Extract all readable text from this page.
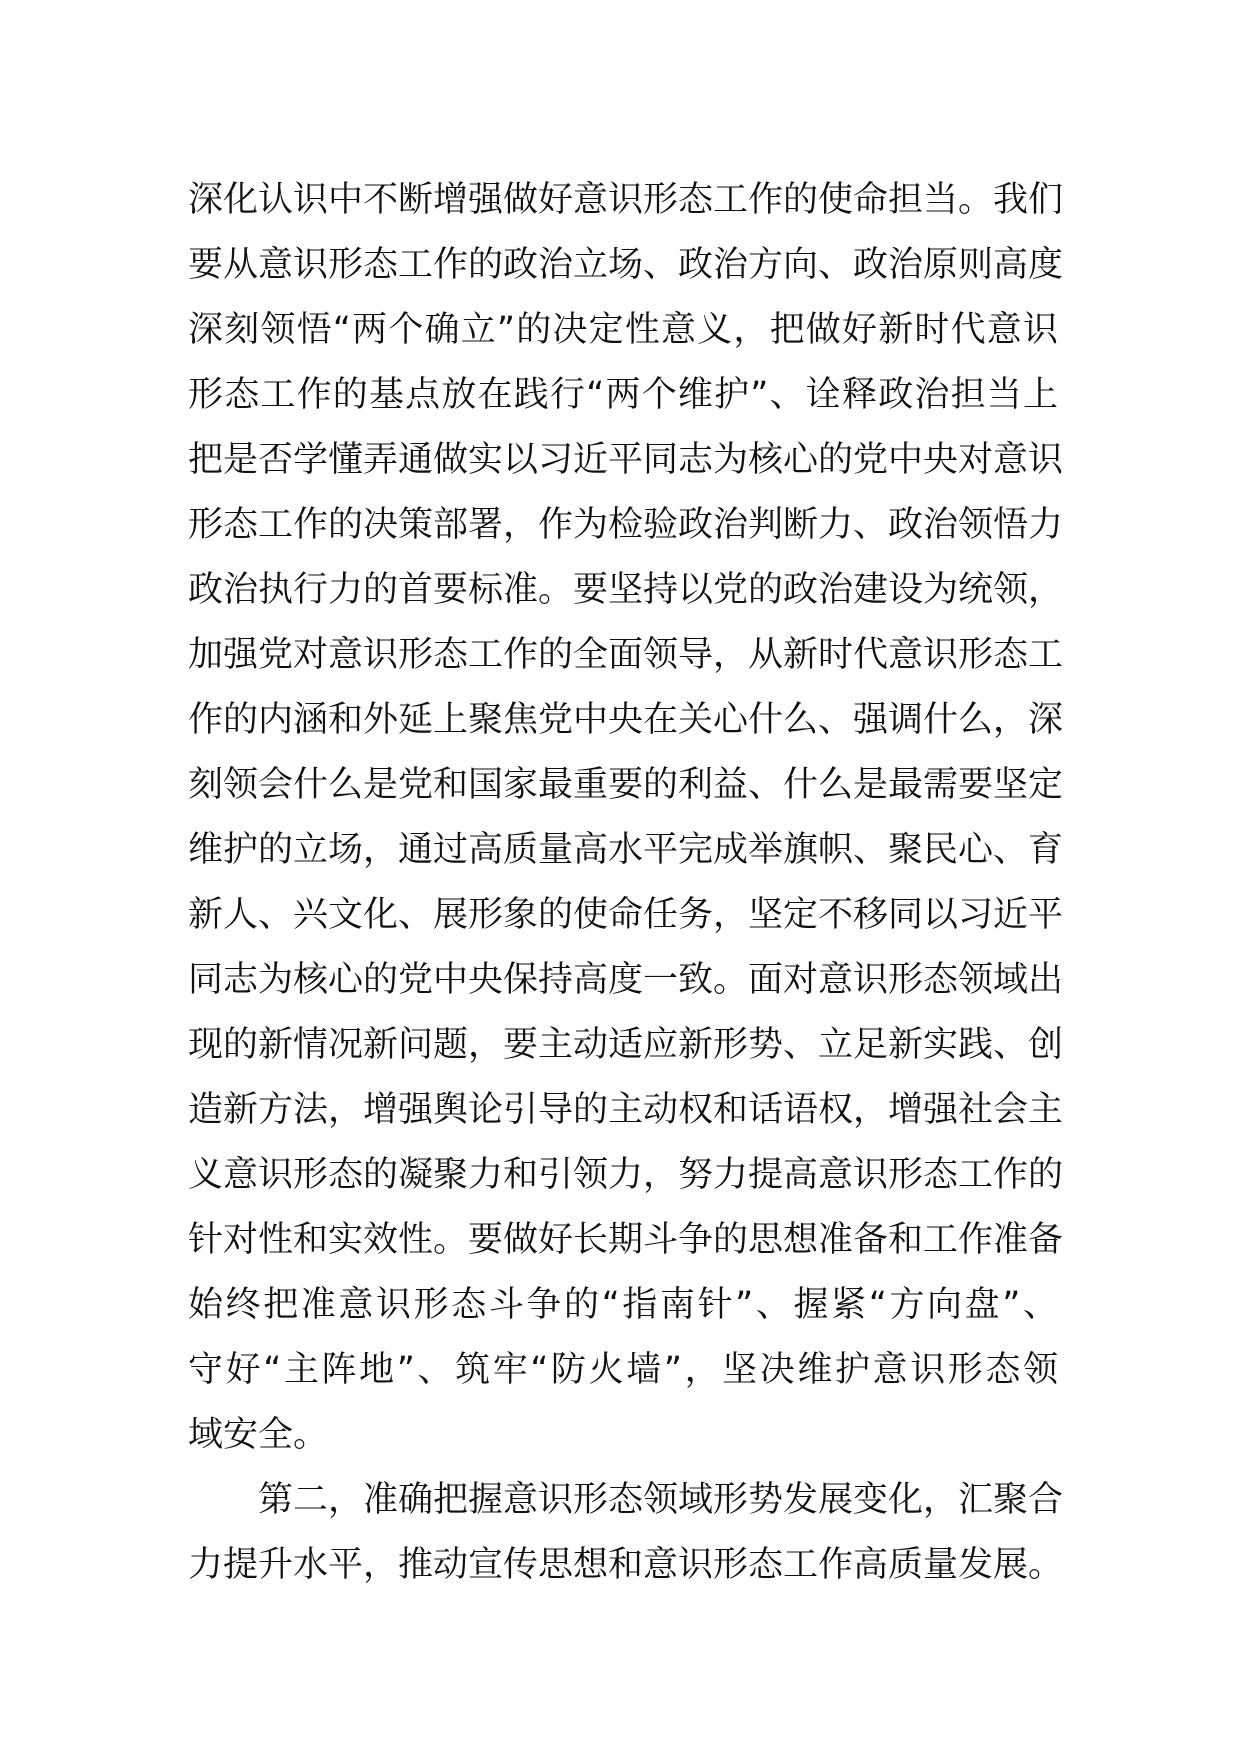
深化认识中不断增强做好意识形态工作的使命担当。我们
要从意识形态工作的政治立场、政治方向、政治原则高度
深刻领悟“两个确立”的决定性意义，把做好新时代意识
形态工作的基点放在践行“两个维护”、诠释政治担当上
把是否学懂弄通做实以习近平同志为核心的党中央对意识
形态工作的决策部署，作为检验政治判断力、政治领悟力
政治执行力的首要标准。要坚持以党的政治建设为统领，
加强党对意识形态工作的全面领导，从新时代意识形态工
作的内涵和外延上聚焦党中央在关心什么、强调什么，深
刻领会什么是党和国家最重要的利益、什么是最需要坚定
维护的立场，通过高质量高水平完成举旗帜、聚民心、育
新人、兴文化、展形象的使命任务，坚定不移同以习近平
同志为核心的党中央保持高度一致。面对意识形态领域出
现的新情况新问题，要主动适应新形势、立足新实践、创
造新方法，增强舆论引导的主动权和话语权，增强社会主
义意识形态的凝聚力和引领力，努力提高意识形态工作的
针对性和实效性。要做好长期斗争的思想准备和工作准备
始终把准意识形态斗争的“指南针”、握紧“方向盘”、
守好“主阵地”、筑牢“防火墙”，坚决维护意识形态领
域安全。
第二，准确把握意识形态领域形势发展变化，汇聚合
力提升水平，推动宣传思想和意识形态工作高质量发展。
